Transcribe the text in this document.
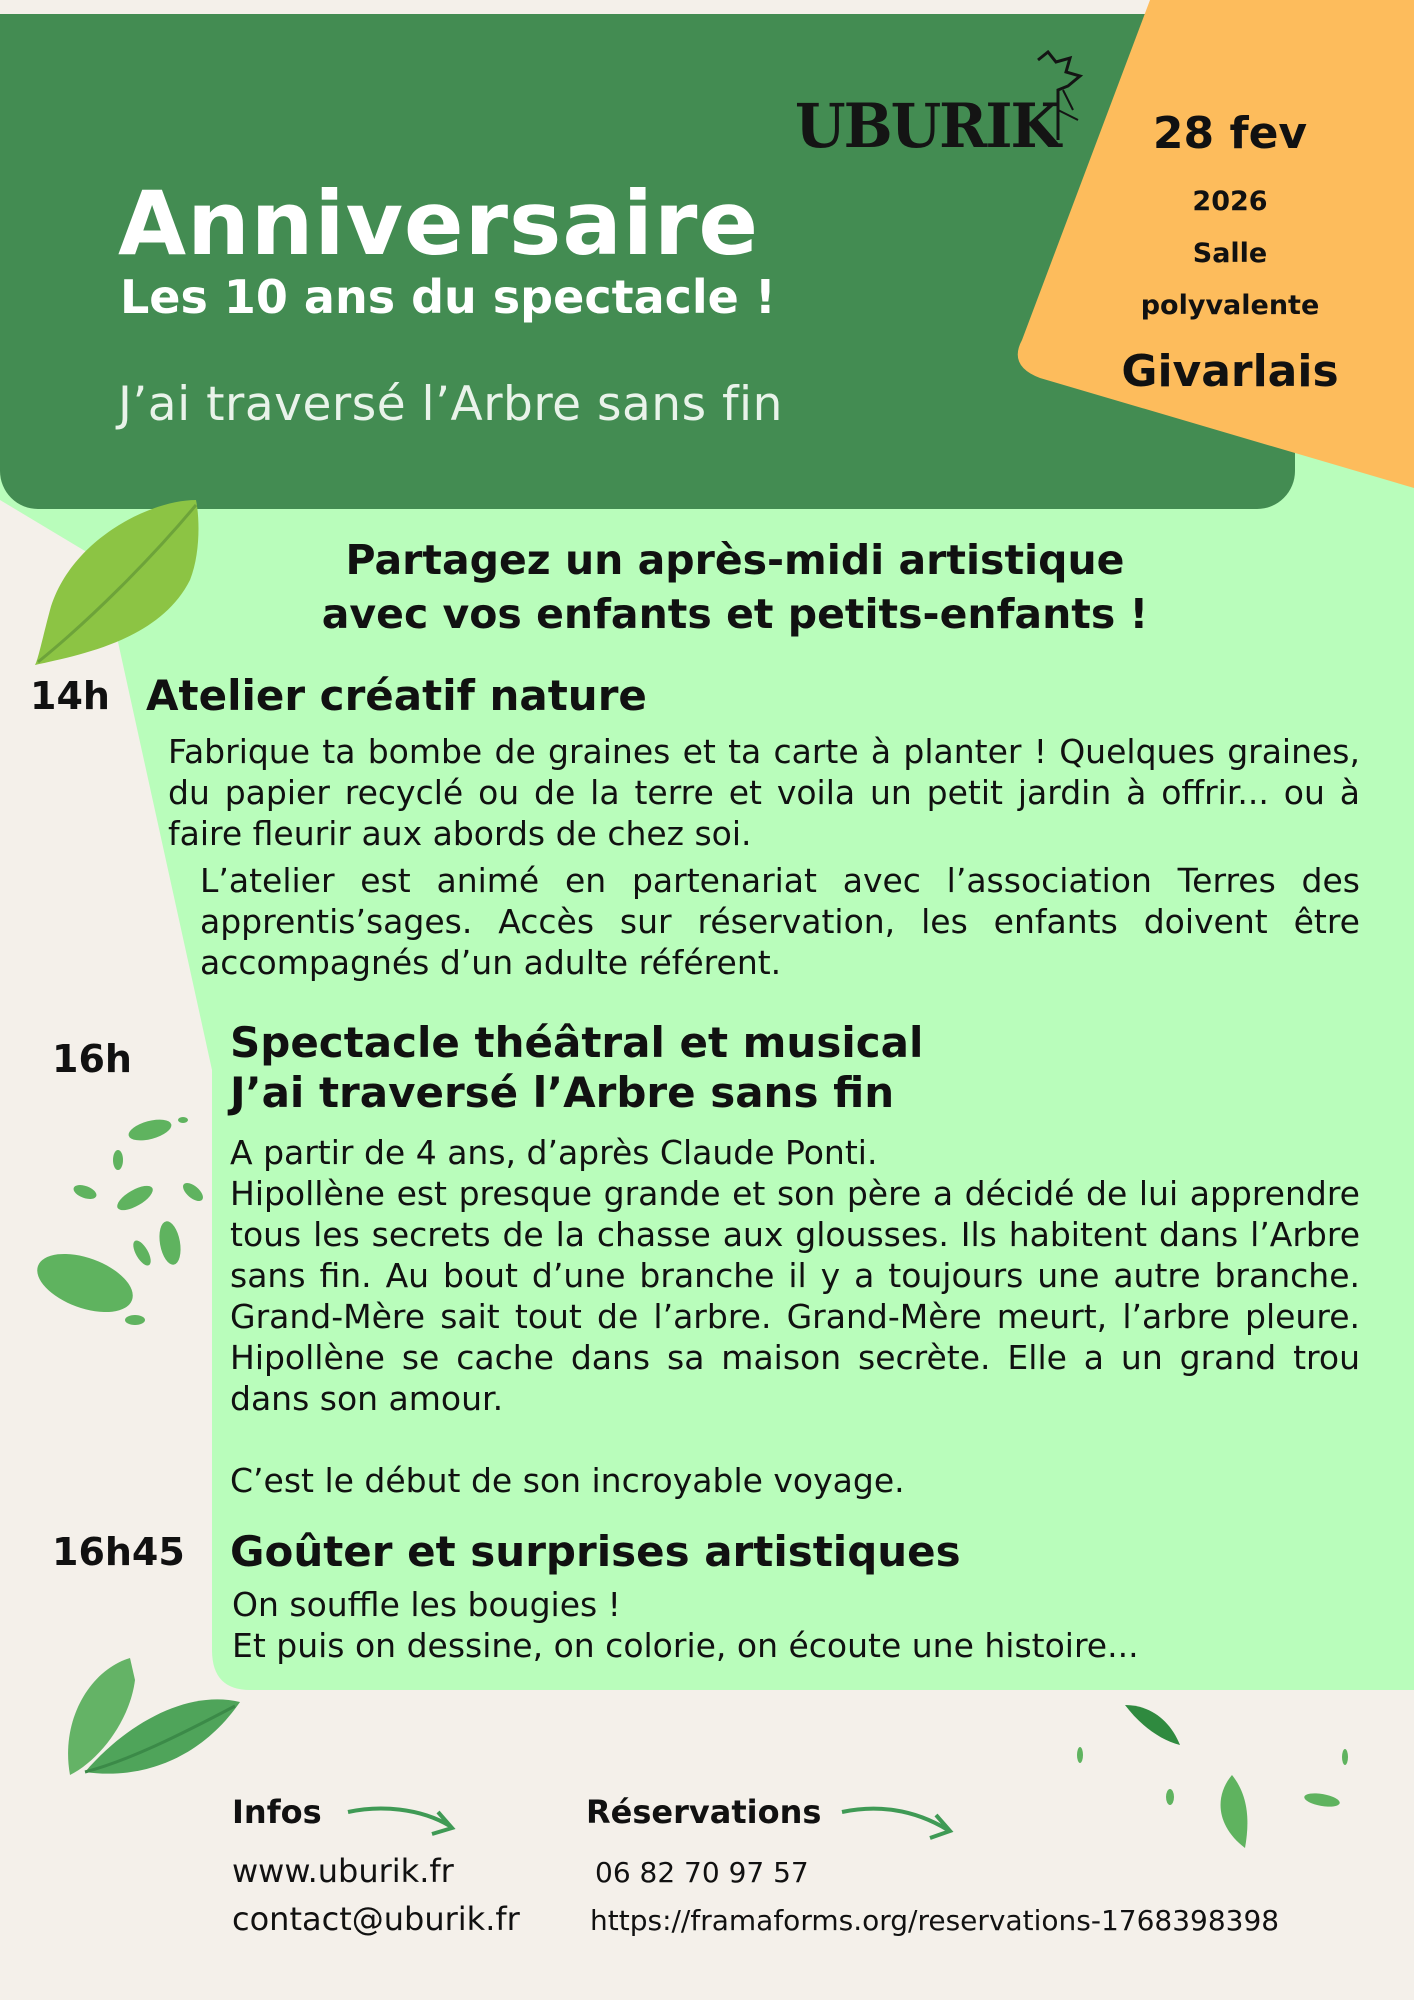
UBURIK
Anniversaire
Les 10 ans du spectacle !
J’ai traversé l’Arbre sans fin
28 fev
2026
Salle
polyvalente
Givarlais
Partagez un après-midi artistique
avec vos enfants et petits-enfants !
14h Atelier créatif nature
Fabrique ta bombe de graines et ta carte à planter ! Quelques graines, du papier recyclé ou de la terre et voila un petit jardin à offrir... ou à faire fleurir aux abords de chez soi.
L’atelier est animé en partenariat avec l’association Terres des apprentis’sages. Accès sur réservation, les enfants doivent être accompagnés d’un adulte référent.
16h Spectacle théâtral et musical
J’ai traversé l’Arbre sans fin
A partir de 4 ans, d’après Claude Ponti.
Hipollène est presque grande et son père a décidé de lui apprendre tous les secrets de la chasse aux glousses. Ils habitent dans l’Arbre sans fin. Au bout d’une branche il y a toujours une autre branche. Grand-Mère sait tout de l’arbre. Grand-Mère meurt, l’arbre pleure. Hipollène se cache dans sa maison secrète. Elle a un grand trou dans son amour.
C’est le début de son incroyable voyage.
16h45 Goûter et surprises artistiques
On souffle les bougies !
Et puis on dessine, on colorie, on écoute une histoire...
Infos
www.uburik.fr
contact@uburik.fr
Réservations
06 82 70 97 57
https://framaforms.org/reservations-1768398398
